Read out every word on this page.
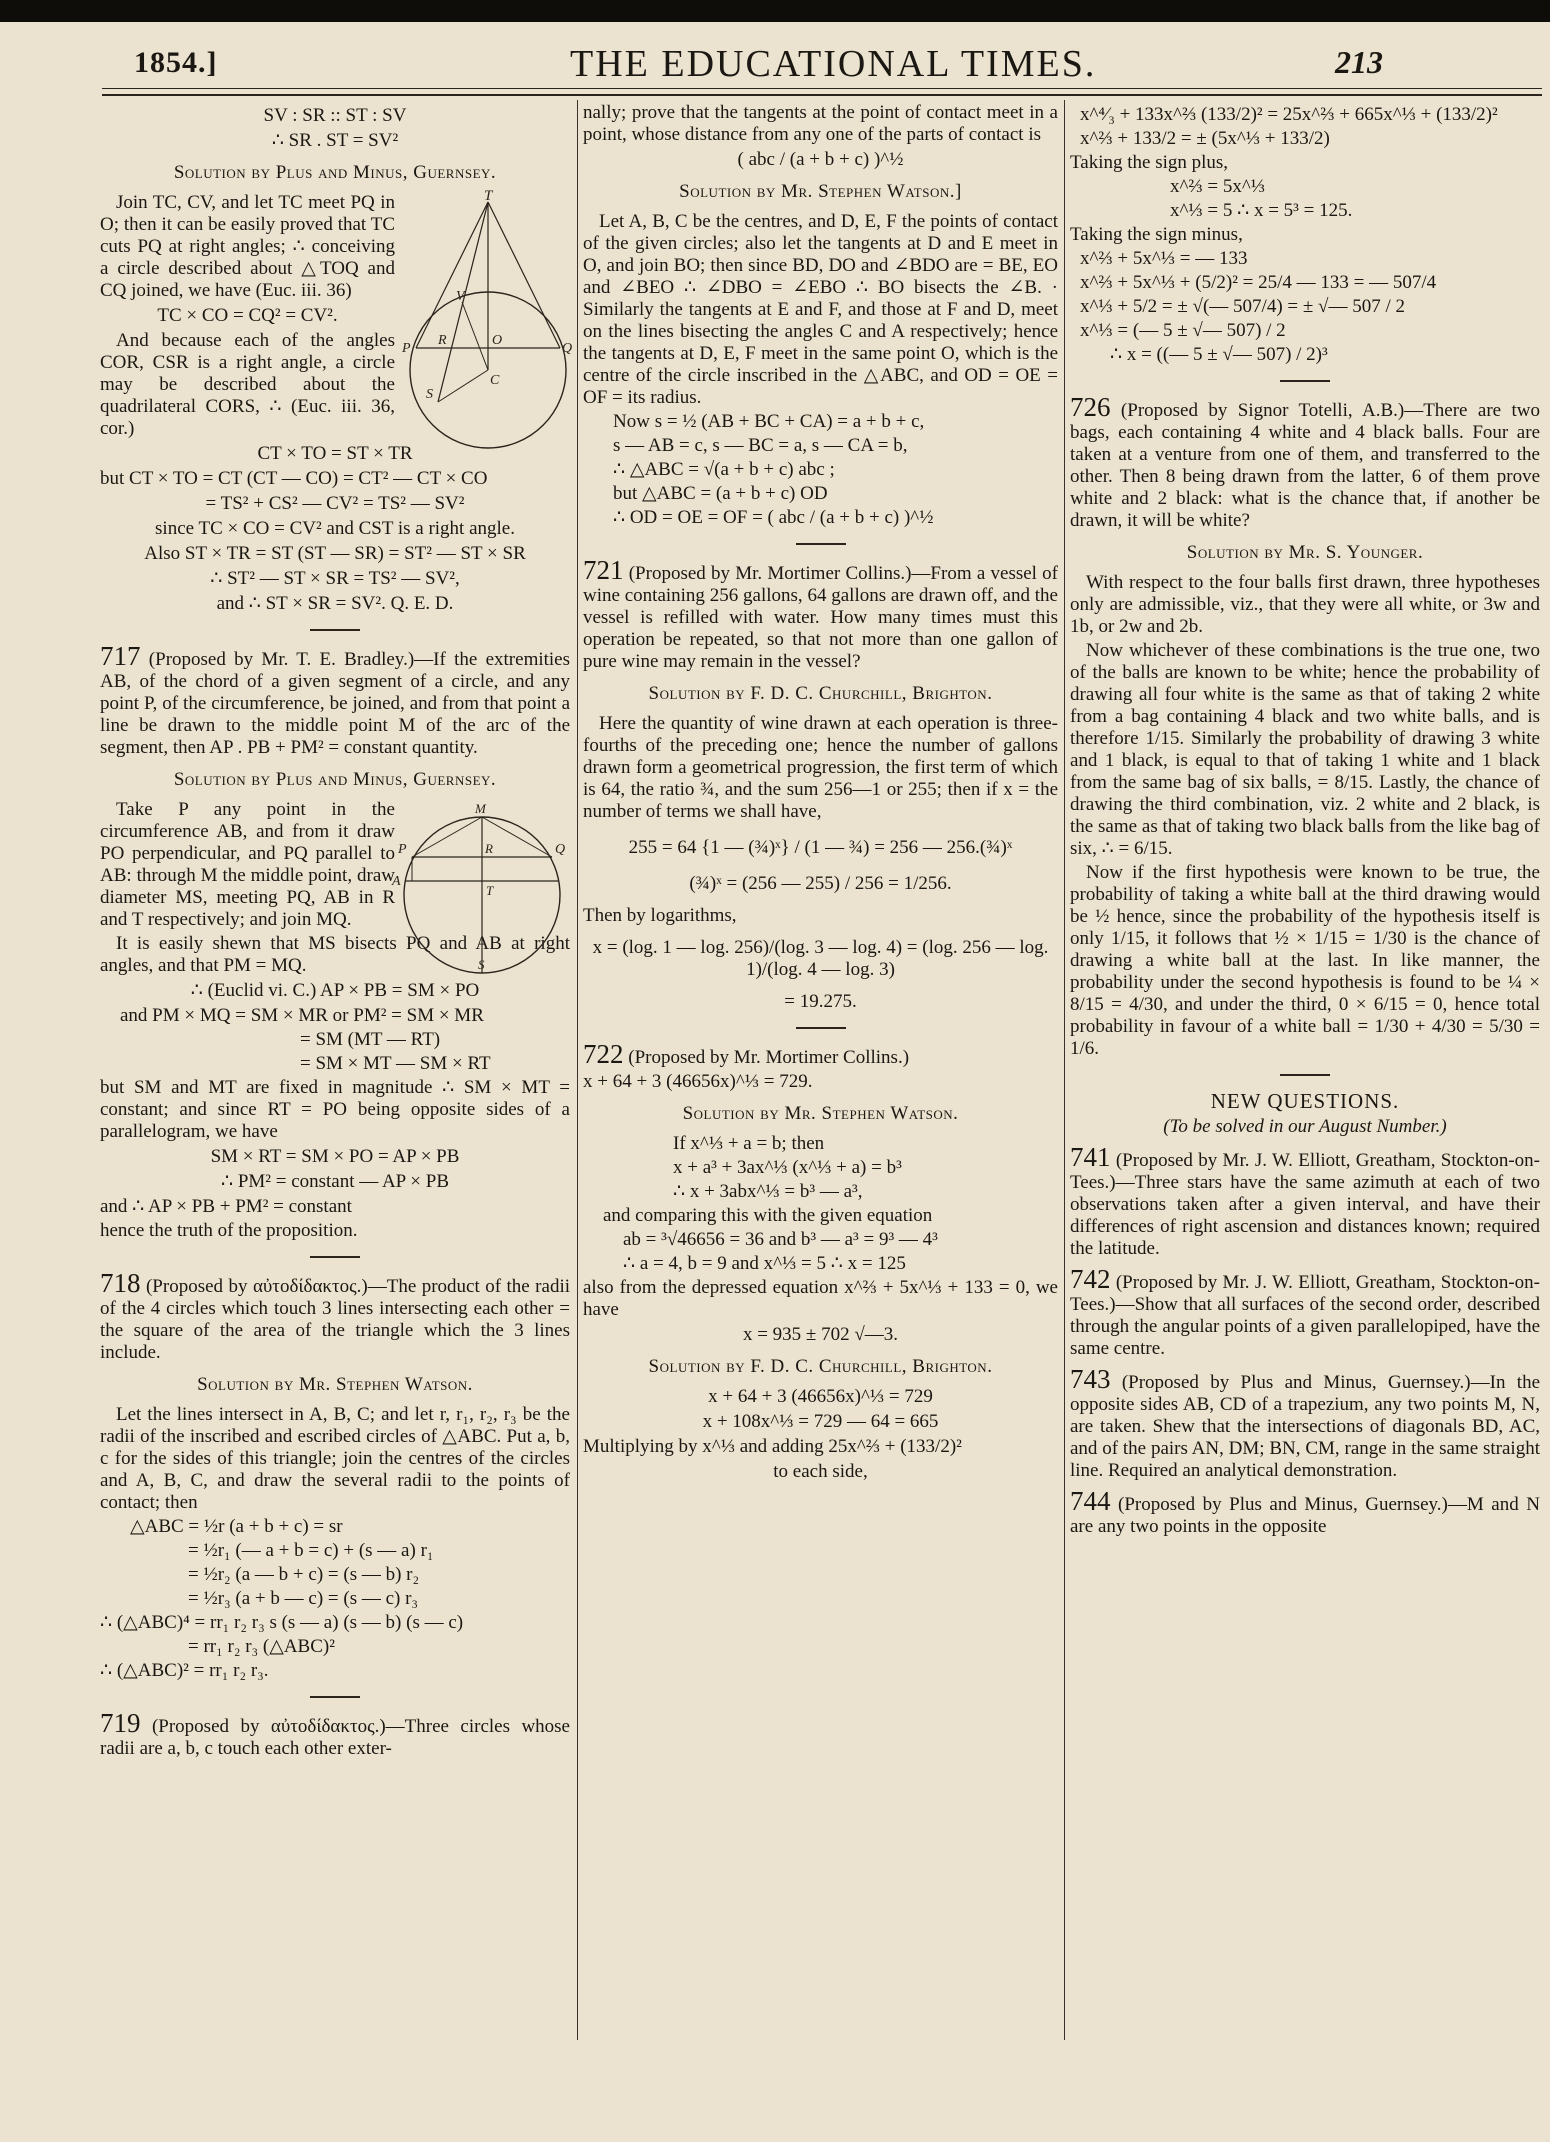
1854.]	THE EDUCATIONAL TIMES.	213

SV : SR :: ST : SV

∴ SR . ST = SV²

Solution by Plus and Minus, Guernsey.

T
V
R	O
Q
P
S
C

Join TC, CV, and let TC meet PQ in O; then it can be easily proved that TC cuts PQ at right angles; ∴ conceiving a circle described about △TOQ and CQ joined, we have (Euc. iii. 36)

TC × CO = CQ² = CV².

And because each of the angles COR, CSR is a right angle, a circle may be described about the quadrilateral CORS, ∴ (Euc. iii. 36, cor.)

CT × TO = ST × TR

but CT × TO = CT (CT — CO) = CT² — CT × CO

= TS² + CS² — CV² = TS² — SV²

since TC × CO = CV² and CST is a right angle.

Also ST × TR = ST (ST — SR) = ST² — ST × SR

∴ ST² — ST × SR = TS² — SV²,

and ∴ ST × SR = SV². Q. E. D.

717 (Proposed by Mr. T. E. Bradley.)—If the extremities AB, of the chord of a given segment of a circle, and any point P, of the circumference, be joined, and from that point a line be drawn to the middle point M of the arc of the segment, then AP . PB + PM² = constant quantity.

Solution by Plus and Minus, Guernsey.

P	R	Q
A
M
T
S

Take P any point in the circumference AB, and from it draw PO perpendicular, and PQ parallel to AB: through M the middle point, draw diameter MS, meeting PQ, AB in R and T respectively; and join MQ.

It is easily shewn that MS bisects PQ and AB at right angles, and that PM = MQ.

∴ (Euclid vi. C.) AP × PB = SM × PO

and PM × MQ = SM × MR or PM² = SM × MR

= SM (MT — RT)

= SM × MT — SM × RT

but SM and MT are fixed in magnitude ∴ SM × MT = constant; and since RT = PO being opposite sides of a parallelogram, we have

SM × RT = SM × PO = AP × PB

∴ PM² = constant — AP × PB

and ∴ AP × PB + PM² = constant

hence the truth of the proposition.

718 (Proposed by αὐτοδίδακτος.)—The product of the radii of the 4 circles which touch 3 lines intersecting each other = the square of the area of the triangle which the 3 lines include.

Solution by Mr. Stephen Watson.

Let the lines intersect in A, B, C; and let r, r₁, r₂, r₃ be the radii of the inscribed and escribed circles of △ABC. Put a, b, c for the sides of this triangle; join the centres of the circles and A, B, C, and draw the several radii to the points of contact; then

△ABC = ½r (a + b + c) = sr

= ½r₁ (— a + b = c) + (s — a) r₁

= ½r₂ (a — b + c) = (s — b) r₂

= ½r₃ (a + b — c) = (s — c) r₃

∴ (△ABC)⁴ = rr₁ r₂ r₃ s (s — a) (s — b) (s — c)

= rr₁ r₂ r₃ (△ABC)²

∴ (△ABC)² = rr₁ r₂ r₃.

719 (Proposed by αὐτοδίδακτος.)—Three circles whose radii are a, b, c touch each other exter-

nally; prove that the tangents at the point of contact meet in a point, whose distance from any one of the parts of contact is

( abc / (a + b + c) )^½

Solution by Mr. Stephen Watson.]

Let A, B, C be the centres, and D, E, F the points of contact of the given circles; also let the tangents at D and E meet in O, and join BO; then since BD, DO and ∠BDO are = BE, EO and ∠BEO ∴ ∠DBO = ∠EBO ∴ BO bisects the ∠B. · Similarly the tangents at E and F, and those at F and D, meet on the lines bisecting the angles C and A respectively; hence the tangents at D, E, F meet in the same point O, which is the centre of the circle inscribed in the △ABC, and OD = OE = OF = its radius.

Now s = ½ (AB + BC + CA) = a + b + c,

s — AB = c, s — BC = a, s — CA = b,

∴ △ABC = √(a + b + c) abc ;

but △ABC = (a + b + c) OD

∴ OD = OE = OF = ( abc / (a + b + c) )^½

721 (Proposed by Mr. Mortimer Collins.)—From a vessel of wine containing 256 gallons, 64 gallons are drawn off, and the vessel is refilled with water. How many times must this operation be repeated, so that not more than one gallon of pure wine may remain in the vessel?

Solution by F. D. C. Churchill, Brighton.

Here the quantity of wine drawn at each operation is three-fourths of the preceding one; hence the number of gallons drawn form a geometrical progression, the first term of which is 64, the ratio ¾, and the sum 256—1 or 255; then if x = the number of terms we shall have,

255 = 64 {1 — (¾)ˣ} / (1 — ¾) = 256 — 256.(¾)ˣ

(¾)ˣ = (256 — 255) / 256 = 1/256.

Then by logarithms,

x = (log. 1 — log. 256)/(log. 3 — log. 4) = (log. 256 — log. 1)/(log. 4 — log. 3)

= 19.275.

722 (Proposed by Mr. Mortimer Collins.)

x + 64 + 3 (46656x)^⅓ = 729.

Solution by Mr. Stephen Watson.

If x^⅓ + a = b; then

x + a³ + 3ax^⅓ (x^⅓ + a) = b³

∴ x + 3abx^⅓ = b³ — a³,

and comparing this with the given equation

ab = ³√46656 = 36 and b³ — a³ = 9³ — 4³

∴ a = 4, b = 9 and x^⅓ = 5 ∴ x = 125

also from the depressed equation x^⅔ + 5x^⅓ + 133 = 0, we have

x = 935 ± 702 √—3.

Solution by F. D. C. Churchill, Brighton.

x + 64 + 3 (46656x)^⅓ = 729

x + 108x^⅓ = 729 — 64 = 665

Multiplying by x^⅓ and adding 25x^⅔ + (133/2)²

to each side,

x^⁴⁄₃ + 133x^⅔ (133/2)² = 25x^⅔ + 665x^⅓ + (133/2)²

x^⅔ + 133/2 = ± (5x^⅓ + 133/2)

Taking the sign plus,

x^⅔ = 5x^⅓

x^⅓ = 5 ∴ x = 5³ = 125.

Taking the sign minus,

x^⅔ + 5x^⅓ = — 133

x^⅔ + 5x^⅓ + (5/2)² = 25/4 — 133 = — 507/4

x^⅓ + 5/2 = ± √(— 507/4) = ± √— 507 / 2

x^⅓ = (— 5 ± √— 507) / 2

∴ x = ((— 5 ± √— 507) / 2)³

726 (Proposed by Signor Totelli, A.B.)—There are two bags, each containing 4 white and 4 black balls. Four are taken at a venture from one of them, and transferred to the other. Then 8 being drawn from the latter, 6 of them prove white and 2 black: what is the chance that, if another be drawn, it will be white?

Solution by Mr. S. Younger.

With respect to the four balls first drawn, three hypotheses only are admissible, viz., that they were all white, or 3w and 1b, or 2w and 2b.

Now whichever of these combinations is the true one, two of the balls are known to be white; hence the probability of drawing all four white is the same as that of taking 2 white from a bag containing 4 black and two white balls, and is therefore 1/15. Similarly the probability of drawing 3 white and 1 black, is equal to that of taking 1 white and 1 black from the same bag of six balls, = 8/15. Lastly, the chance of drawing the third combination, viz. 2 white and 2 black, is the same as that of taking two black balls from the like bag of six, ∴ = 6/15.

Now if the first hypothesis were known to be true, the probability of taking a white ball at the third drawing would be ½ hence, since the probability of the hypothesis itself is only 1/15, it follows that ½ × 1/15 = 1/30 is the chance of drawing a white ball at the last. In like manner, the probability under the second hypothesis is found to be ¼ × 8/15 = 4/30, and under the third, 0 × 6/15 = 0, hence total probability in favour of a white ball = 1/30 + 4/30 = 5/30 = 1/6.

NEW QUESTIONS.

(To be solved in our August Number.)

741 (Proposed by Mr. J. W. Elliott, Greatham, Stockton-on-Tees.)—Three stars have the same azimuth at each of two observations taken after a given interval, and have their differences of right ascension and distances known; required the latitude.

742 (Proposed by Mr. J. W. Elliott, Greatham, Stockton-on-Tees.)—Show that all surfaces of the second order, described through the angular points of a given parallelopiped, have the same centre.

743 (Proposed by Plus and Minus, Guernsey.)—In the opposite sides AB, CD of a trapezium, any two points M, N, are taken. Shew that the intersections of diagonals BD, AC, and of the pairs AN, DM; BN, CM, range in the same straight line. Required an analytical demonstration.

744 (Proposed by Plus and Minus, Guernsey.)—M and N are any two points in the opposite
